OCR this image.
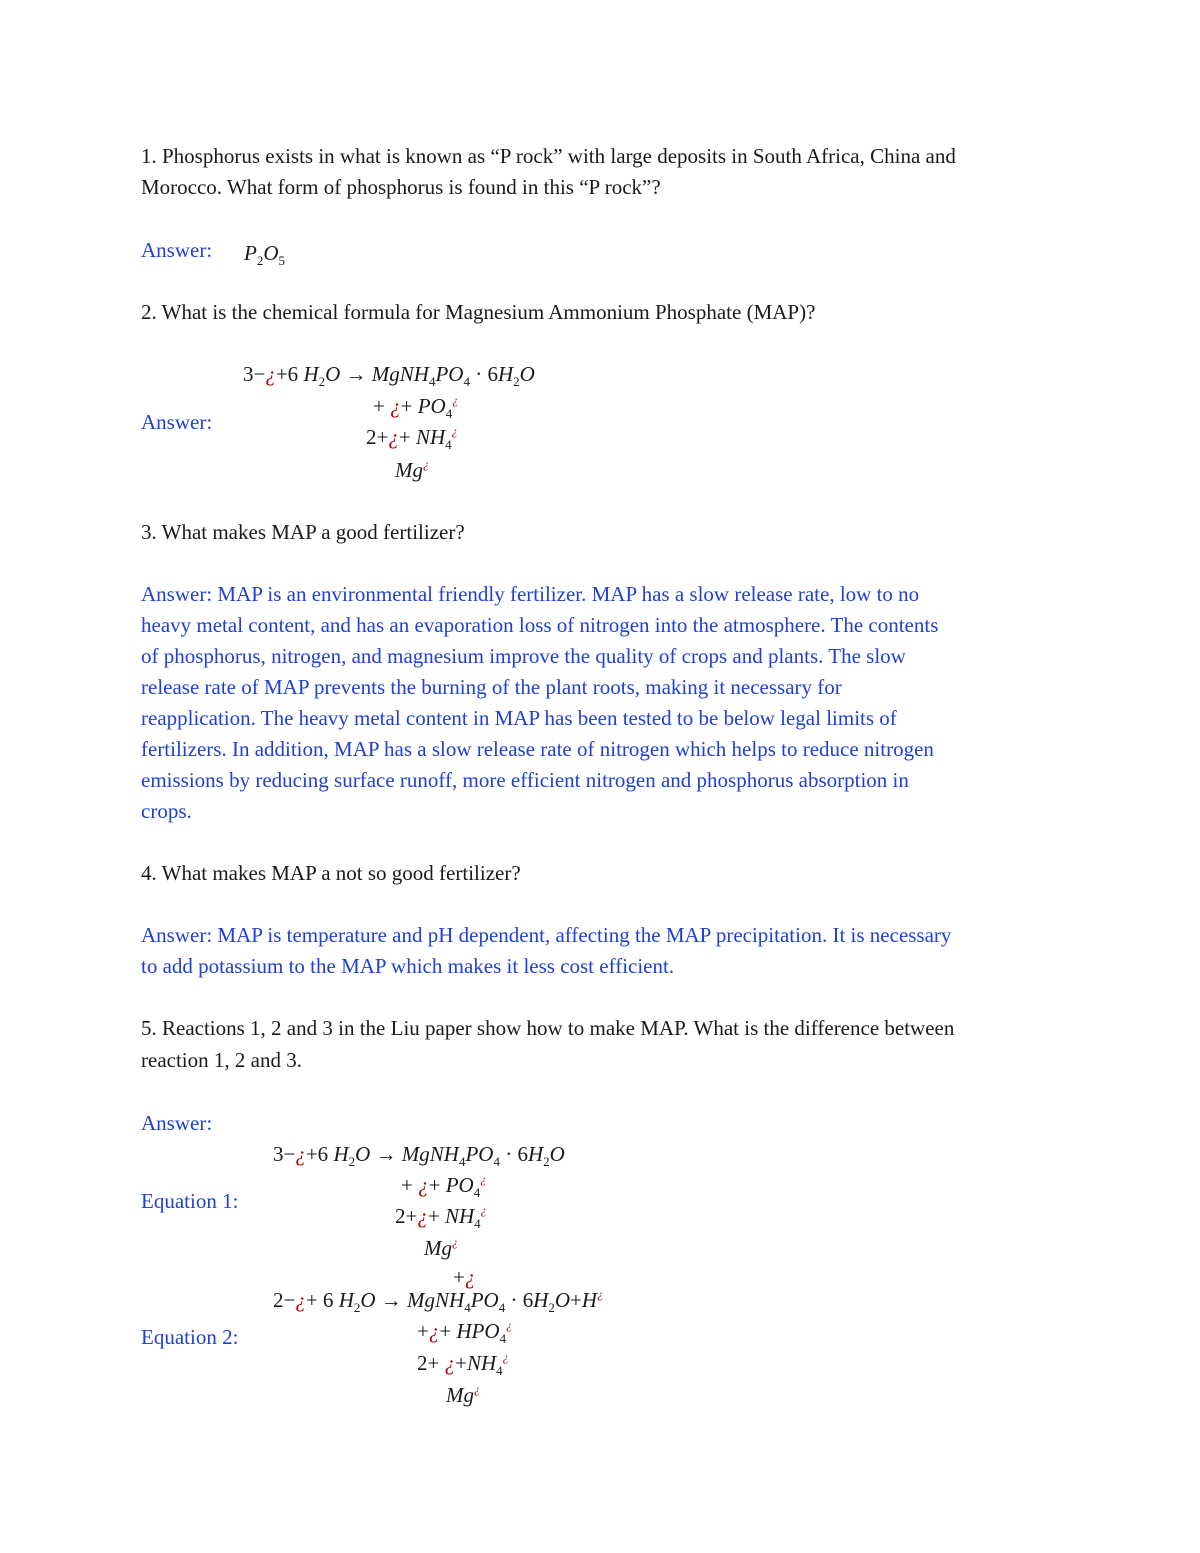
1. Phosphorus exists in what is known as “P rock” with large deposits in South Africa, China and
Morocco. What form of phosphorus is found in this “P rock”?
Answer: $P_2O_5$
2. What is the chemical formula for Magnesium Ammonium Phosphate (MAP)?
Answer:
3−¿+6 $H_2O$ → $MgNH_4PO_4 \cdot 6H_2O$
+ ¿+ $PO_4^¿$
2+¿+ $NH_4^¿$
Mg¿
3. What makes MAP a good fertilizer?
Answer: MAP is an environmental friendly fertilizer. MAP has a slow release rate, low to no
heavy metal content, and has an evaporation loss of nitrogen into the atmosphere. The contents
of phosphorus, nitrogen, and magnesium improve the quality of crops and plants. The slow
release rate of MAP prevents the burning of the plant roots, making it necessary for
reapplication. The heavy metal content in MAP has been tested to be below legal limits of
fertilizers. In addition, MAP has a slow release rate of nitrogen which helps to reduce nitrogen
emissions by reducing surface runoff, more efficient nitrogen and phosphorus absorption in
crops.
4. What makes MAP a not so good fertilizer?
Answer: MAP is temperature and pH dependent, affecting the MAP precipitation. It is necessary
to add potassium to the MAP which makes it less cost efficient.
5. Reactions 1, 2 and 3 in the Liu paper show how to make MAP. What is the difference between
reaction 1, 2 and 3.
Answer:
Equation 1:
3−¿+6 $H_2O$ → $MgNH_4PO_4 \cdot 6H_2O$
+ ¿+ $PO_4^¿$
2+¿+ $NH_4^¿$
Mg¿
+¿
Equation 2:
2−¿+ 6 $H_2O$ → $MgNH_4PO_4 \cdot 6H_2O+H^¿$
+¿+ $HPO_4^¿$
$2+ ¿+NH_4^¿$
Mg¿
